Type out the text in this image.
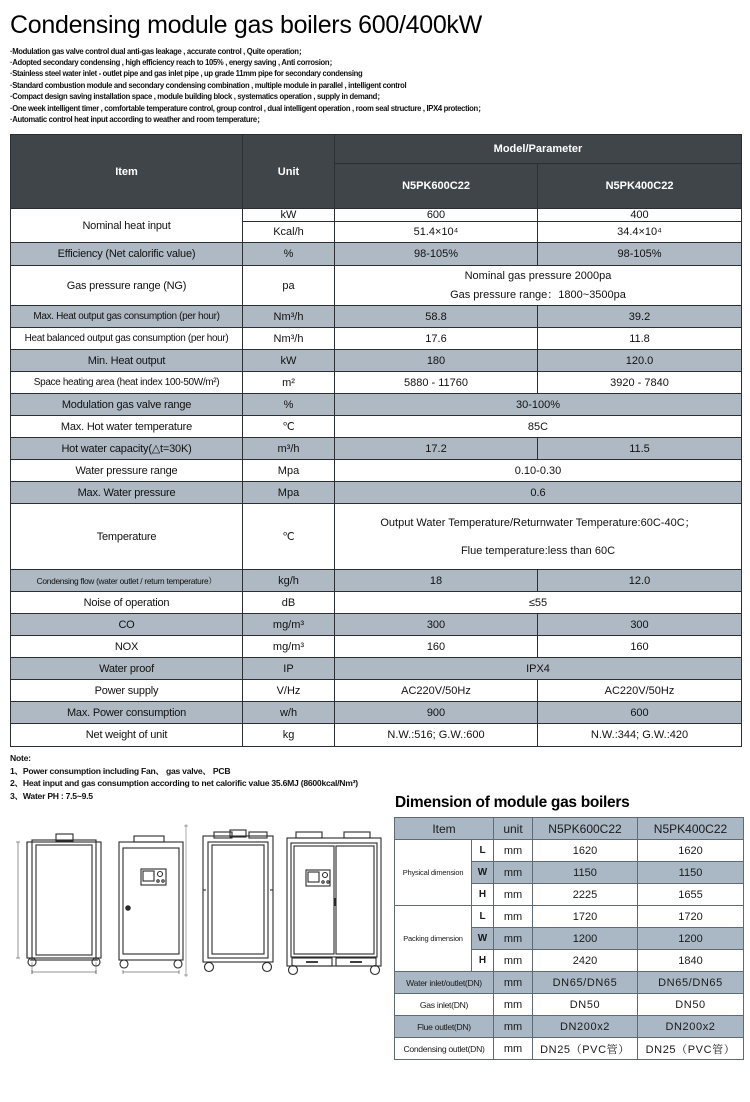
Condensing module gas boilers 600/400kW
·Modulation gas valve control dual anti-gas leakage , accurate control , Quite operation；
·Adopted secondary condensing , high efficiency reach to 105% , energy saving , Anti corrosion；
·Stainless steel water inlet - outlet pipe and gas inlet pipe , up grade 11mm pipe for secondary condensing
·Standard combustion module and secondary condensing combination , multiple module in parallel , intelligent control
·Compact design saving installation space , module building block , systematics operation , supply in demand；
·One week intelligent timer , comfortable temperature control, group control , dual intelligent operation , room seal structure , IPX4 protection；
·Automatic control heat input according to weather and room temperature；
Item	Unit	Model/Parameter	
		N5PK600C22	N5PK400C22
Nominal heat input	kW	600	400
	Kcal/h	51.4×10⁴	34.4×10⁴
Efficiency (Net calorific value)	%	98-105%	98-105%
Gas pressure range (NG)	pa	Nominal gas pressure 2000pa
Gas pressure range：1800~3500pa	
Max. Heat output gas consumption (per hour)	Nm³/h	58.8	39.2
Heat balanced output gas consumption (per hour)	Nm³/h	17.6	11.8
Min. Heat output	kW	180	120.0
Space heating area (heat index 100-50W/m²)	m²	5880 - 11760	3920 - 7840
Modulation gas valve range	%	30-100%	
Max. Hot water temperature	℃	85C	
Hot water capacity(△t=30K)	m³/h	17.2	11.5
Water pressure range	Mpa	0.10-0.30	
Max. Water pressure	Mpa	0.6	
Temperature	℃	Output Water Temperature/Returnwater Temperature:60C-40C；
Flue temperature:less than 60C	
Condensing flow (water outlet / return temperature）	kg/h	18	12.0
Noise of operation	dB	≤55	
CO	mg/m³	300	300
NOX	mg/m³	160	160
Water proof	IP	IPX4	
Power supply	V/Hz	AC220V/50Hz	AC220V/50Hz
Max. Power consumption	w/h	900	600
Net weight of unit	kg	N.W.:516; G.W.:600	N.W.:344; G.W.:420
Note:
1、Power consumption including Fan、 gas valve、 PCB
2、Heat input and gas consumption according to net calorific value 35.6MJ (8600kcal/Nm³)
3、Water PH : 7.5~9.5	Dimension of module gas boilers
Item		unit	N5PK600C22	N5PK400C22
Physical dimension	L	mm	1620	1620
	W	mm	1150	1150
	H	mm	2225	1655
Packing dimension	L	mm	1720	1720
	W	mm	1200	1200
	H	mm	2420	1840
Water inlet/outlet(DN)		mm	DN65/DN65	DN65/DN65
Gas inlet(DN)		mm	DN50	DN50
Flue outlet(DN)		mm	DN200x2	DN200x2
Condensing outlet(DN)		mm	DN25（PVC管）	DN25（PVC管）
